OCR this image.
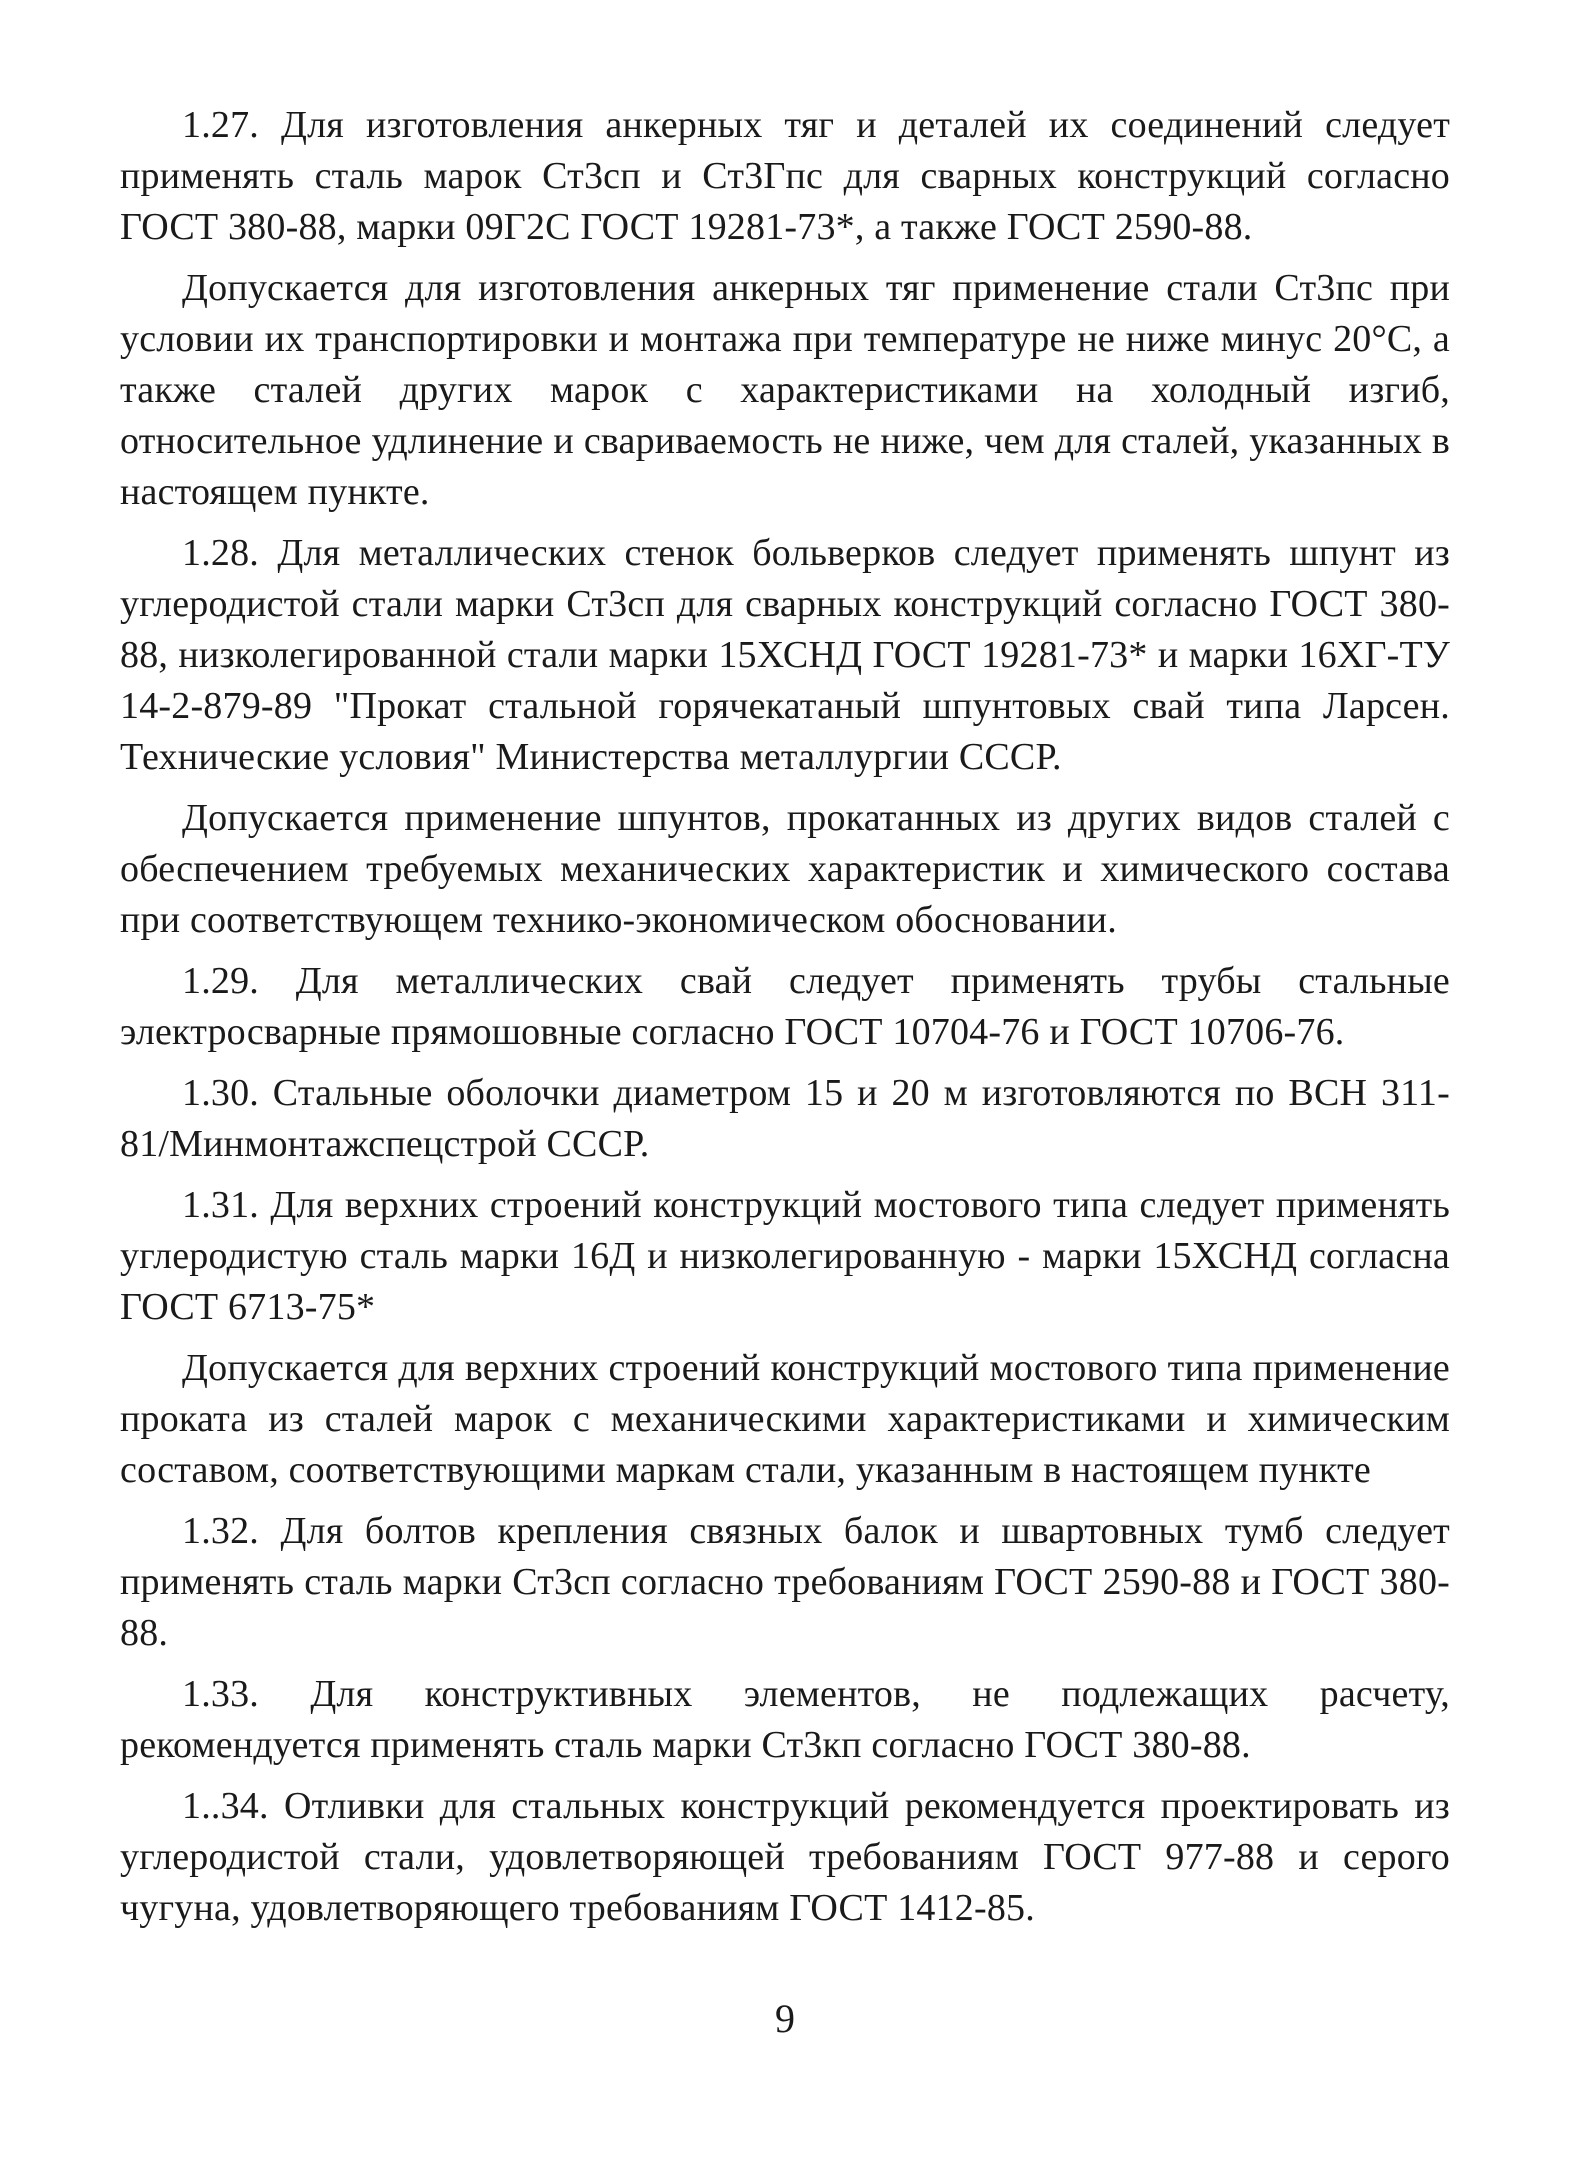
1.27. Для изготовления анкерных тяг и деталей их соединений следует применять сталь марок Ст3сп и Ст3Гпс для сварных конструкций согласно ГОСТ 380-88, марки 09Г2С ГОСТ 19281-73*, а также ГОСТ 2590-88.

Допускается для изготовления анкерных тяг применение стали Ст3пс при условии их транспортировки и монтажа при температуре не ниже минус 20°С, а также сталей других марок с характеристиками на холодный изгиб, относительное удлинение и свариваемость не ниже, чем для сталей, указанных в настоящем пункте.

1.28. Для металлических стенок больверков следует применять шпунт из углеродистой стали марки Ст3сп для сварных конструкций согласно ГОСТ 380-88, низколегированной стали марки 15ХСНД ГОСТ 19281-73* и марки 16ХГ-ТУ 14-2-879-89 "Прокат стальной горячекатаный шпунтовых свай типа Ларсен. Технические условия" Министерства металлургии СССР.

Допускается применение шпунтов, прокатанных из других видов сталей с обеспечением требуемых механических характеристик и химического состава при соответствующем технико-экономическом обосновании.

1.29. Для металлических свай следует применять трубы стальные электросварные прямошовные согласно ГОСТ 10704-76 и ГОСТ 10706-76.

1.30. Стальные оболочки диаметром 15 и 20 м изготовляются по ВСН 311-81/Минмонтажспецстрой СССР.

1.31. Для верхних строений конструкций мостового типа следует применять углеродистую сталь марки 16Д и низколегированную - марки 15ХСНД согласна ГОСТ 6713-75*

Допускается для верхних строений конструкций мостового типа применение проката из сталей марок с механическими характеристиками и химическим составом, соответствующими маркам стали, указанным в настоящем пункте

1.32. Для болтов крепления связных балок и швартовных тумб следует применять сталь марки Ст3сп согласно требованиям ГОСТ 2590-88 и ГОСТ 380-88.

1.33. Для конструктивных элементов, не подлежащих расчету, рекомендуется применять сталь марки Ст3кп согласно ГОСТ 380-88.

1..34. Отливки для стальных конструкций рекомендуется проектировать из углеродистой стали, удовлетворяющей требованиям ГОСТ 977-88 и серого чугуна, удовлетворяющего требованиям ГОСТ 1412-85.

9
